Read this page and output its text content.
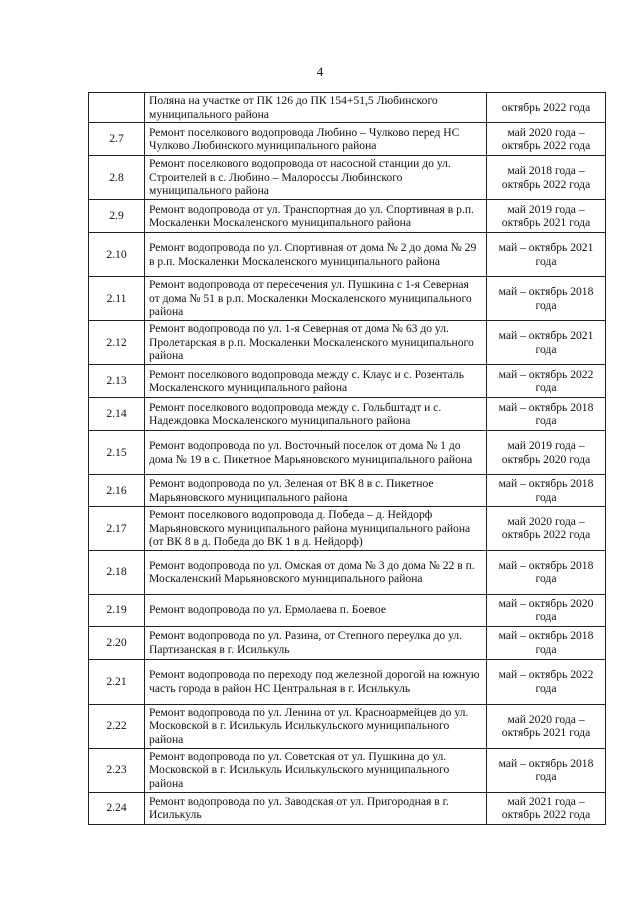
4
	Поляна на участке от ПК 126 до ПК 154+51,5 Любинского муниципального района	октябрь 2022 года
2.7	Ремонт поселкового водопровода Любино – Чулково перед НС Чулково Любинского муниципального района	май 2020 года – октябрь 2022 года
2.8	Ремонт поселкового водопровода от насосной станции до ул. Строителей в с. Любино – Малороссы Любинского муниципального района	май 2018 года – октябрь 2022 года
2.9	Ремонт водопровода от ул. Транспортная до ул. Спортивная в р.п. Москаленки Москаленского муниципального района	май 2019 года – октябрь 2021 года
2.10	Ремонт водопровода по ул. Спортивная от дома № 2 до дома № 29 в р.п. Москаленки Москаленского муниципального района	май – октябрь 2021 года
2.11	Ремонт водопровода от пересечения ул. Пушкина с 1-я Северная от дома № 51 в р.п. Москаленки Москаленского муниципального района	май – октябрь 2018 года
2.12	Ремонт водопровода по ул. 1-я Северная от дома № 63 до ул. Пролетарская в р.п. Москаленки Москаленского муниципального района	май – октябрь 2021 года
2.13	Ремонт поселкового водопровода между с. Клаус и с. Розенталь Москаленского муниципального района	май – октябрь 2022 года
2.14	Ремонт поселкового водопровода между с. Гольбштадт и с. Надеждовка Москаленского муниципального района	май – октябрь 2018 года
2.15	Ремонт водопровода по ул. Восточный поселок от дома № 1 до дома № 19 в с. Пикетное Марьяновского муниципального района	май 2019 года – октябрь 2020 года
2.16	Ремонт водопровода по ул. Зеленая от ВК 8 в с. Пикетное Марьяновского муниципального района	май – октябрь 2018 года
2.17	Ремонт поселкового водопровода д. Победа – д. Нейдорф Марьяновского муниципального района муниципального района (от ВК 8 в д. Победа до ВК 1 в д. Нейдорф)	май 2020 года – октябрь 2022 года
2.18	Ремонт водопровода по ул. Омская от дома № 3 до дома № 22 в п. Москаленский Марьяновского муниципального района	май – октябрь 2018 года
2.19	Ремонт водопровода по ул. Ермолаева п. Боевое	май – октябрь 2020 года
2.20	Ремонт водопровода по ул. Разина, от Степного переулка до ул. Партизанская в г. Исилькуль	май – октябрь 2018 года
2.21	Ремонт водопровода по переходу под железной дорогой на южную часть города в район НС Центральная в г. Исилькуль	май – октябрь 2022 года
2.22	Ремонт водопровода по ул. Ленина от ул. Красноармейцев до ул. Московской в г. Исилькуль Исилькульского муниципального района	май 2020 года – октябрь 2021 года
2.23	Ремонт водопровода по ул. Советская от ул. Пушкина до ул. Московской в г. Исилькуль Исилькульского муниципального района	май – октябрь 2018 года
2.24	Ремонт водопровода по ул. Заводская от ул. Пригородная в г. Исилькуль	май 2021 года – октябрь 2022 года
